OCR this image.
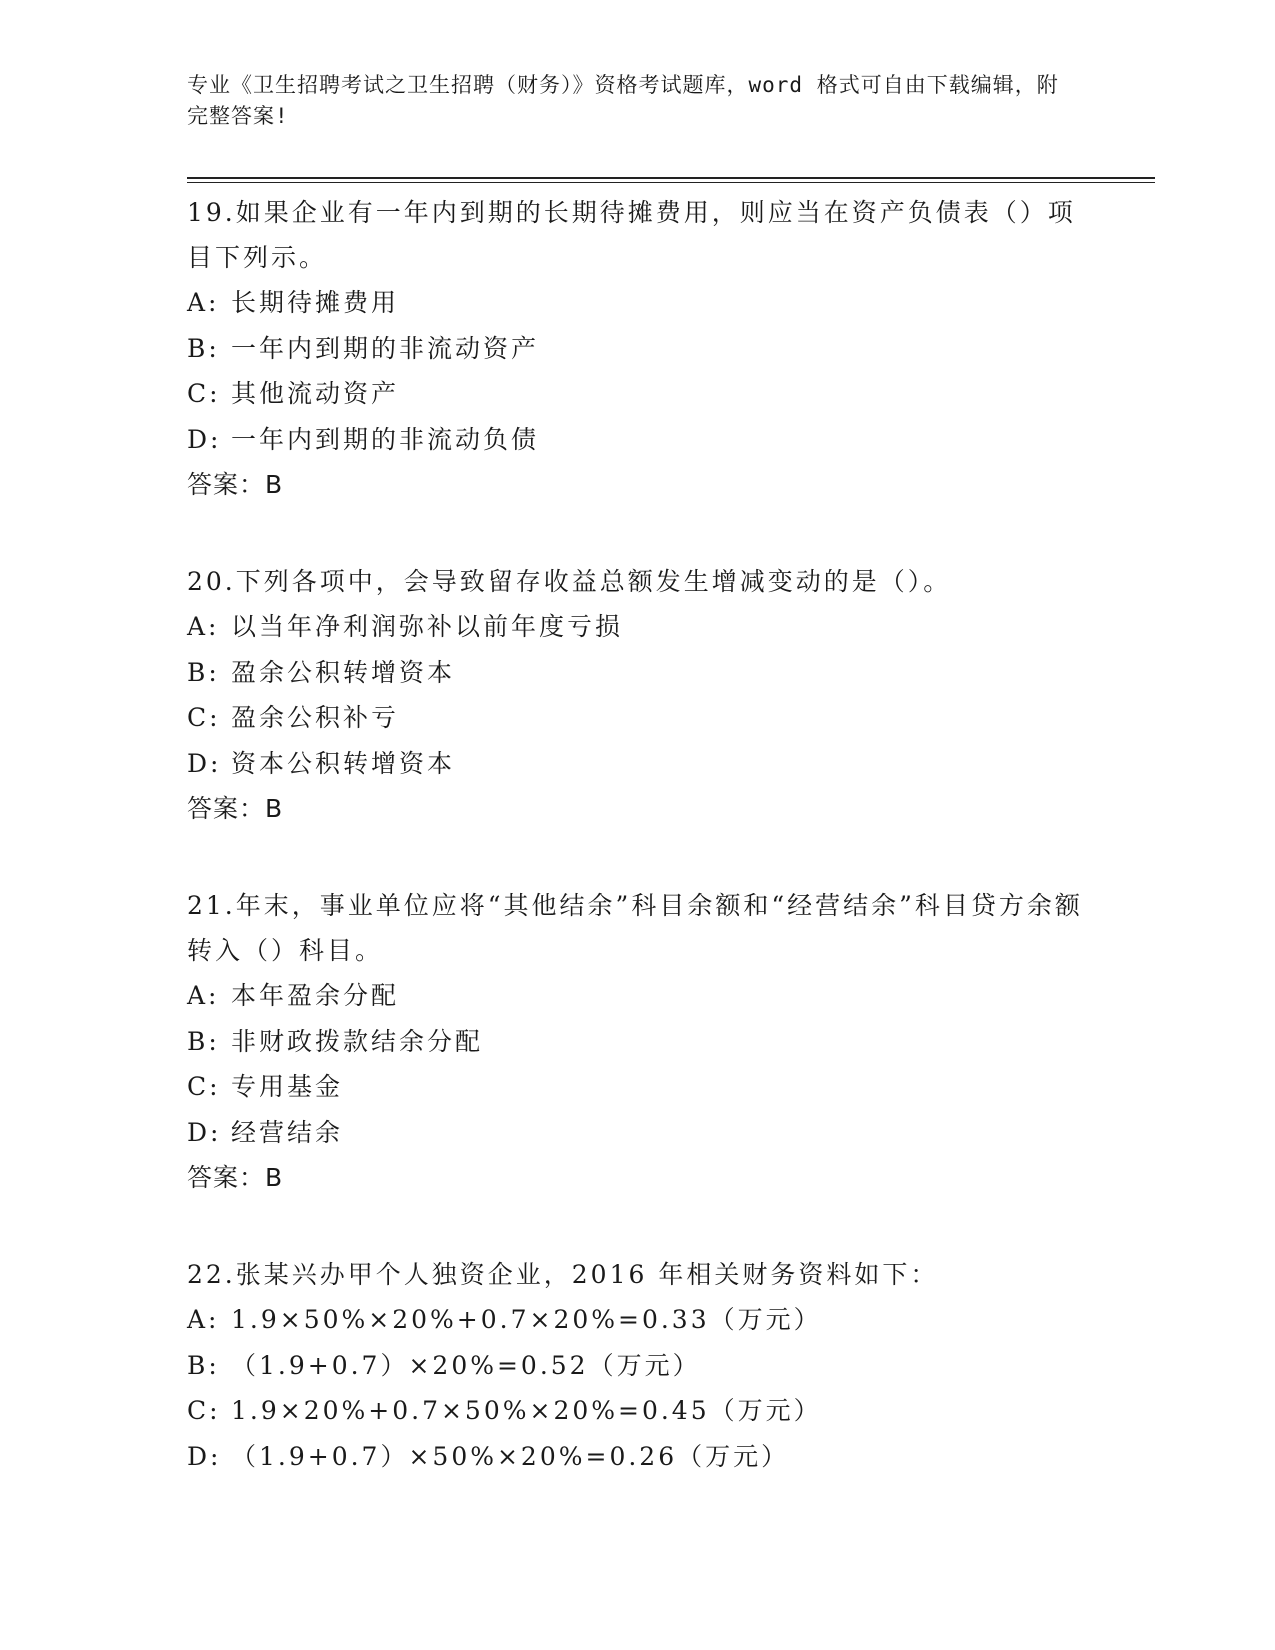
专业《卫生招聘考试之卫生招聘（财务）》资格考试题库，word 格式可自由下载编辑，附完整答案!

19.如果企业有一年内到期的长期待摊费用，则应当在资产负债表（）项目下列示。

A: 长期待摊费用

B: 一年内到期的非流动资产

C: 其他流动资产

D: 一年内到期的非流动负债

答案：B

20.下列各项中，会导致留存收益总额发生增减变动的是（）。

A: 以当年净利润弥补以前年度亏损

B: 盈余公积转增资本

C: 盈余公积补亏

D: 资本公积转增资本

答案：B

21.年末，事业单位应将“其他结余”科目余额和“经营结余”科目贷方余额转入（）科目。

A: 本年盈余分配

B: 非财政拨款结余分配

C: 专用基金

D: 经营结余

答案：B

22.张某兴办甲个人独资企业，2016 年相关财务资料如下：

A: 1.9×50%×20%+0.7×20%=0.33（万元）

B: （1.9+0.7）×20%=0.52（万元）

C: 1.9×20%+0.7×50%×20%=0.45（万元）

D: （1.9+0.7）×50%×20%=0.26（万元）
